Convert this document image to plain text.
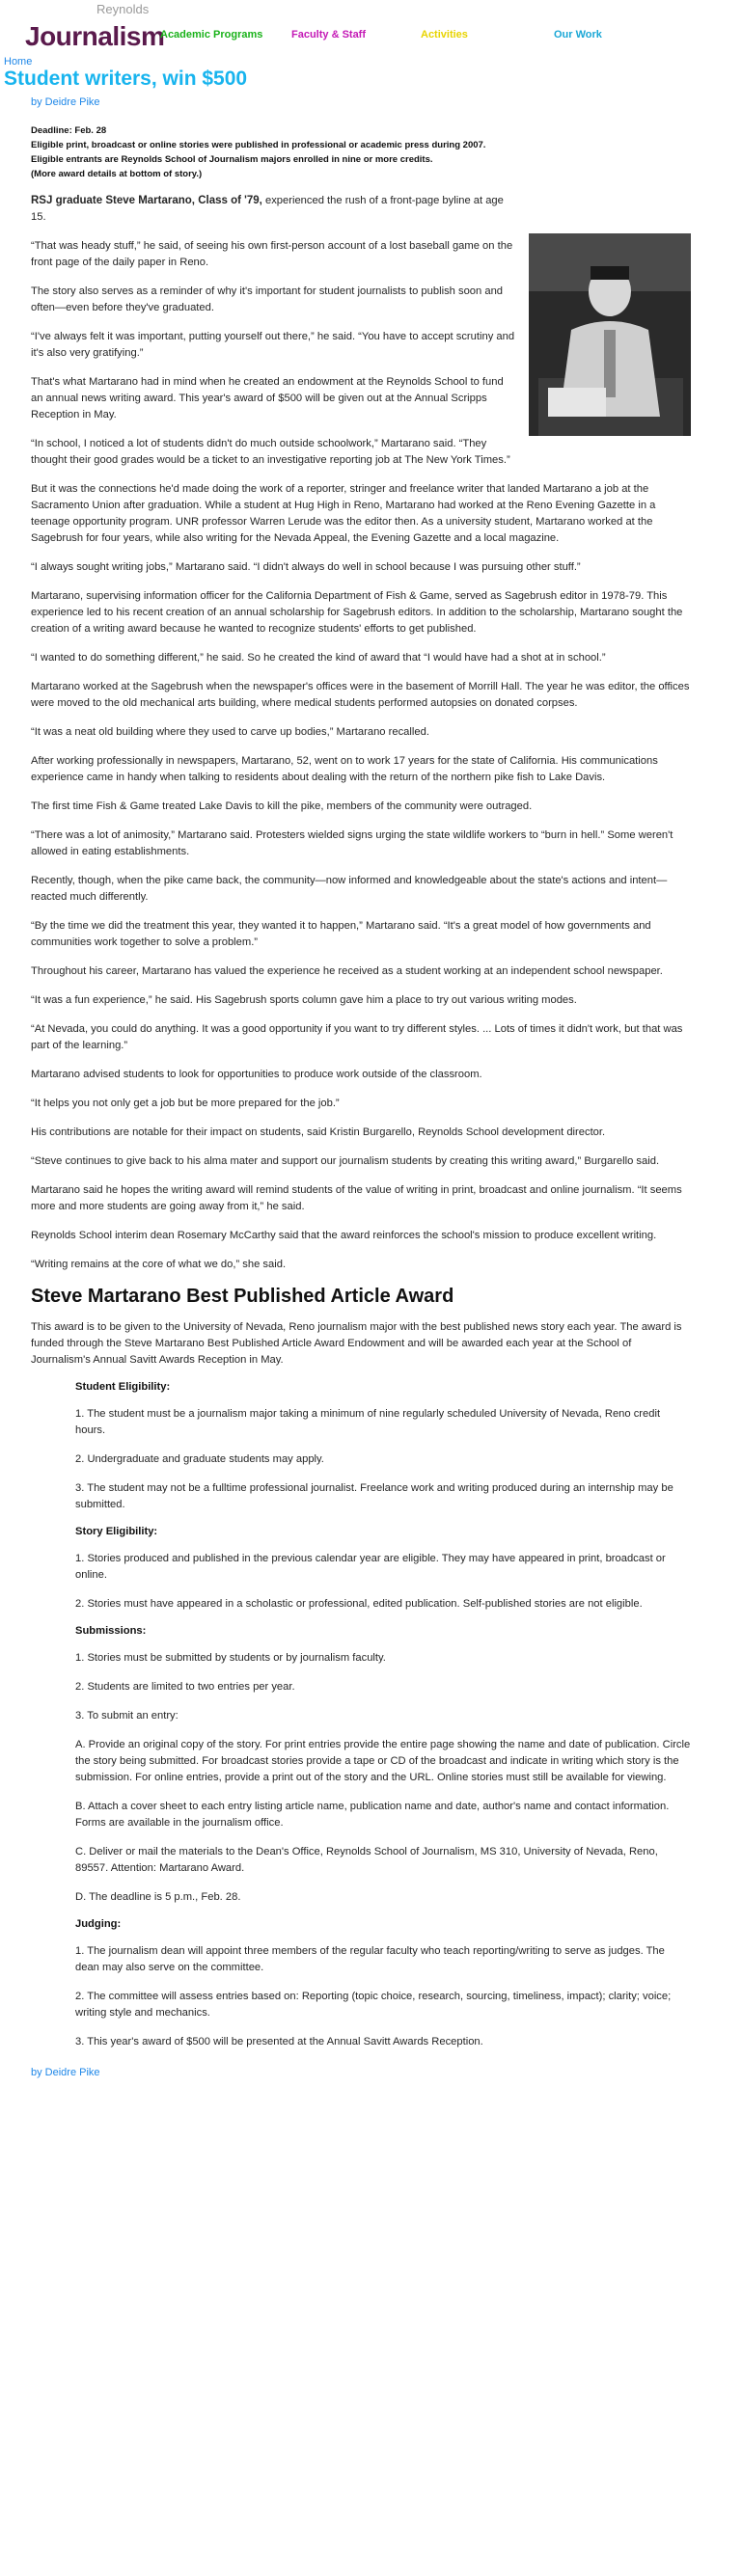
Reynolds
Journalism
Academic Programs	Faculty & Staff	Activities	Our Work
Home
Student writers, win $500
by Deidre Pike
Deadline: Feb. 28
Eligible print, broadcast or online stories were published in professional or academic press during 2007.
Eligible entrants are Reynolds School of Journalism majors enrolled in nine or more credits.
(More award details at bottom of story.)

RSJ graduate Steve Martarano, Class of '79, experienced the rush of a front-page byline at age 15.

“That was heady stuff,” he said, of seeing his own first-person account of a lost baseball game on the front page of the daily paper in Reno.

The story also serves as a reminder of why it's important for student journalists to publish soon and often—even before they've graduated.

“I've always felt it was important, putting yourself out there,” he said. “You have to accept scrutiny and it's also very gratifying.”

That's what Martarano had in mind when he created an endowment at the Reynolds School to fund an annual news writing award. This year's award of $500 will be given out at the Annual Scripps Reception in May.

“In school, I noticed a lot of students didn't do much outside schoolwork,” Martarano said. “They thought their good grades would be a ticket to an investigative reporting job at The New York Times.”

But it was the connections he'd made doing the work of a reporter, stringer and freelance writer that landed Martarano a job at the Sacramento Union after graduation. While a student at Hug High in Reno, Martarano had worked at the Reno Evening Gazette in a teenage opportunity program. UNR professor Warren Lerude was the editor then. As a university student, Martarano worked at the Sagebrush for four years, while also writing for the Nevada Appeal, the Evening Gazette and a local magazine.

“I always sought writing jobs,” Martarano said. “I didn't always do well in school because I was pursuing other stuff.”

Martarano, supervising information officer for the California Department of Fish & Game, served as Sagebrush editor in 1978-79. This experience led to his recent creation of an annual scholarship for Sagebrush editors. In addition to the scholarship, Martarano sought the creation of a writing award because he wanted to recognize students' efforts to get published.

“I wanted to do something different,” he said. So he created the kind of award that “I would have had a shot at in school.”

Martarano worked at the Sagebrush when the newspaper's offices were in the basement of Morrill Hall. The year he was editor, the offices were moved to the old mechanical arts building, where medical students performed autopsies on donated corpses.

“It was a neat old building where they used to carve up bodies,” Martarano recalled.

After working professionally in newspapers, Martarano, 52, went on to work 17 years for the state of California. His communications experience came in handy when talking to residents about dealing with the return of the northern pike fish to Lake Davis.

The first time Fish & Game treated Lake Davis to kill the pike, members of the community were outraged.

“There was a lot of animosity,” Martarano said. Protesters wielded signs urging the state wildlife workers to “burn in hell.” Some weren't allowed in eating establishments.

Recently, though, when the pike came back, the community—now informed and knowledgeable about the state's actions and intent—reacted much differently.

“By the time we did the treatment this year, they wanted it to happen,” Martarano said. “It's a great model of how governments and communities work together to solve a problem.”

Throughout his career, Martarano has valued the experience he received as a student working at an independent school newspaper.

“It was a fun experience,” he said. His Sagebrush sports column gave him a place to try out various writing modes.

“At Nevada, you could do anything. It was a good opportunity if you want to try different styles. ... Lots of times it didn't work, but that was part of the learning.”

Martarano advised students to look for opportunities to produce work outside of the classroom.

“It helps you not only get a job but be more prepared for the job.”

His contributions are notable for their impact on students, said Kristin Burgarello, Reynolds School development director.

“Steve continues to give back to his alma mater and support our journalism students by creating this writing award,” Burgarello said.

Martarano said he hopes the writing award will remind students of the value of writing in print, broadcast and online journalism. “It seems more and more students are going away from it,” he said.

Reynolds School interim dean Rosemary McCarthy said that the award reinforces the school's mission to produce excellent writing.

“Writing remains at the core of what we do,” she said.

Steve Martarano Best Published Article Award

This award is to be given to the University of Nevada, Reno journalism major with the best published news story each year. The award is funded through the Steve Martarano Best Published Article Award Endowment and will be awarded each year at the School of Journalism's Annual Savitt Awards Reception in May.

Student Eligibility:

1. The student must be a journalism major taking a minimum of nine regularly scheduled University of Nevada, Reno credit hours.

2. Undergraduate and graduate students may apply.

3. The student may not be a fulltime professional journalist. Freelance work and writing produced during an internship may be submitted.

Story Eligibility:

1. Stories produced and published in the previous calendar year are eligible. They may have appeared in print, broadcast or online.

2. Stories must have appeared in a scholastic or professional, edited publication. Self-published stories are not eligible.

Submissions:

1. Stories must be submitted by students or by journalism faculty.

2. Students are limited to two entries per year.

3. To submit an entry:

A. Provide an original copy of the story. For print entries provide the entire page showing the name and date of publication. Circle the story being submitted. For broadcast stories provide a tape or CD of the broadcast and indicate in writing which story is the submission. For online entries, provide a print out of the story and the URL. Online stories must still be available for viewing.

B. Attach a cover sheet to each entry listing article name, publication name and date, author's name and contact information. Forms are available in the journalism office.

C. Deliver or mail the materials to the Dean's Office, Reynolds School of Journalism, MS 310, University of Nevada, Reno, 89557. Attention: Martarano Award.

D. The deadline is 5 p.m., Feb. 28.

Judging:

1. The journalism dean will appoint three members of the regular faculty who teach reporting/writing to serve as judges. The dean may also serve on the committee.

2. The committee will assess entries based on: Reporting (topic choice, research, sourcing, timeliness, impact); clarity; voice; writing style and mechanics.

3. This year's award of $500 will be presented at the Annual Savitt Awards Reception.

by Deidre Pike
